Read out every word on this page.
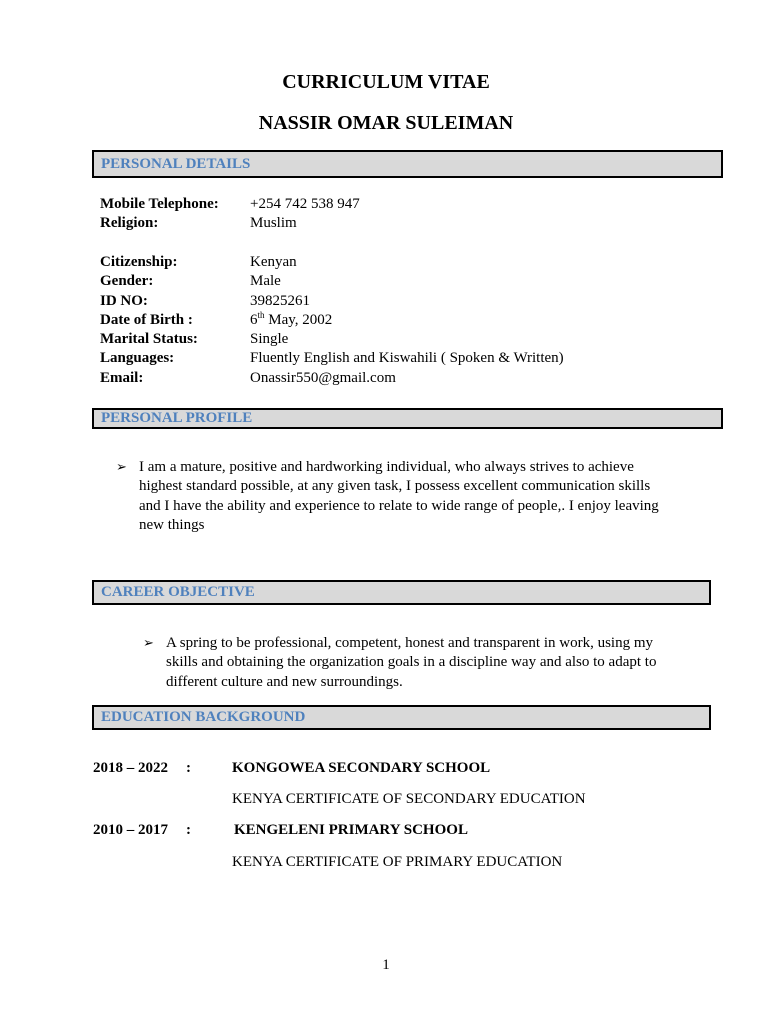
CURRICULUM VITAE
NASSIR OMAR SULEIMAN
PERSONAL DETAILS
Mobile Telephone: +254 742 538 947
Religion:	Muslim
Citizenship:	Kenyan
Gender:	Male
ID NO:	39825261
Date of Birth :	6th May, 2002
Marital Status:	Single
Languages:	Fluently English and Kiswahili ( Spoken & Written)
Email:	Onassir550@gmail.com
PERSONAL PROFILE
➢ I am a mature, positive and hardworking individual, who always strives to achieve
highest standard possible, at any given task, I possess excellent communication skills
and I have the ability and experience to relate to wide range of people,. I enjoy leaving
new things
CAREER OBJECTIVE
➢ A spring to be professional, competent, honest and transparent in work, using my
skills and obtaining the organization goals in a discipline way and also to adapt to
different culture and new surroundings.
EDUCATION BACKGROUND
2018 – 2022 :	KONGOWEA SECONDARY SCHOOL
KENYA CERTIFICATE OF SECONDARY EDUCATION
2010 – 2017 :	KENGELENI PRIMARY SCHOOL
KENYA CERTIFICATE OF PRIMARY EDUCATION
1
